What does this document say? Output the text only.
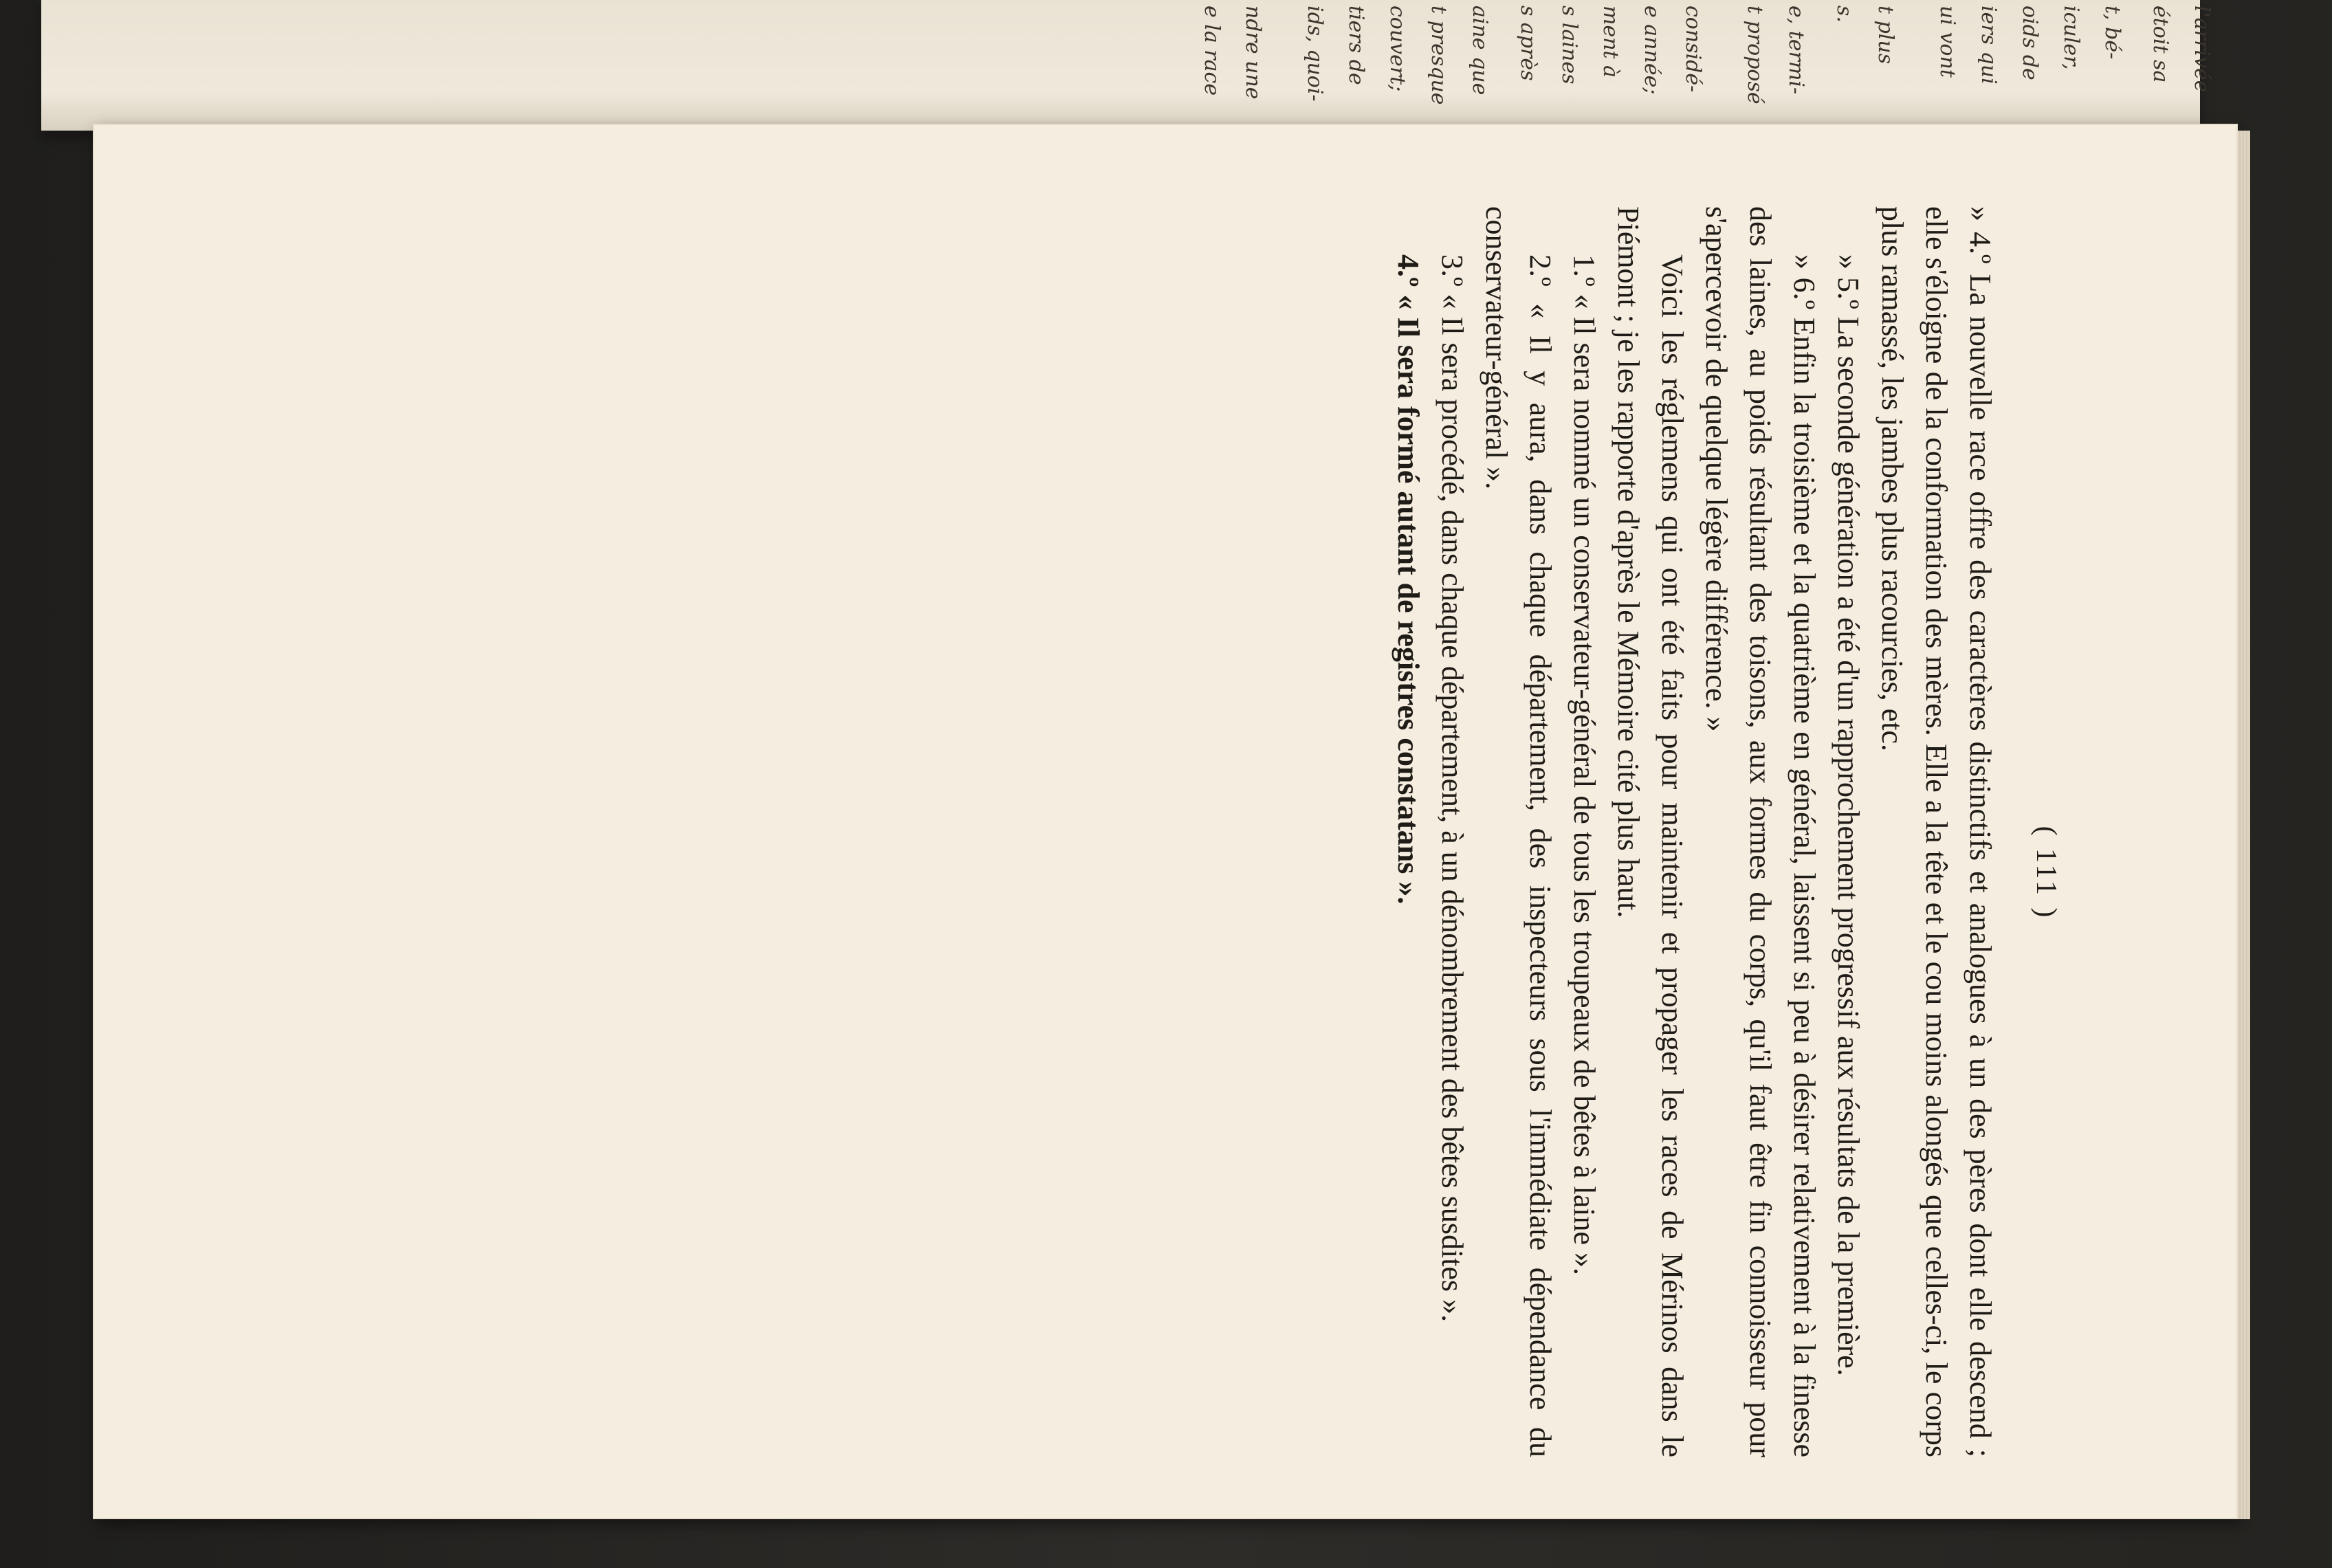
l'arrivée
étoit sa
t, bé-
iculer,
oids de
iers qui
ui vont
t plus
s.
e, termi-
t proposé
considé-
e année;
ment à
s laines
s après
aine que
t presque
couvert;
tiers de
ids, quoi-
ndre une
e la race
( 111 )

» 4.º La nouvelle race offre des caractères distinctifs et analogues à un des pères dont elle descend ; elle s'éloigne de la conformation des mères. Elle a la tête et le cou moins alongés que celles-ci, le corps plus ramassé, les jambes plus racourcies, etc.

» 5.º La seconde génération a été d'un rapprochement progressif aux résultats de la première.

» 6.º Enfin la troisième et la quatrième en général, laissent si peu à désirer relativement à la finesse des laines, au poids résultant des toisons, aux formes du corps, qu'il faut être fin connoisseur pour s'apercevoir de quelque légère différence. »

Voici les réglemens qui ont été faits pour maintenir et propager les races de Mérinos dans le Piémont ; je les rapporte d'après le Mémoire cité plus haut.

1.º « Il sera nommé un conservateur-général de tous les troupeaux de bêtes à laine ».

2.º « Il y aura, dans chaque département, des inspecteurs sous l'immédiate dépendance du conservateur-général ».

3.º « Il sera procédé, dans chaque département, à un dénombrement des bêtes susdites ».

4.º « Il sera formé autant de registres constatans ».
